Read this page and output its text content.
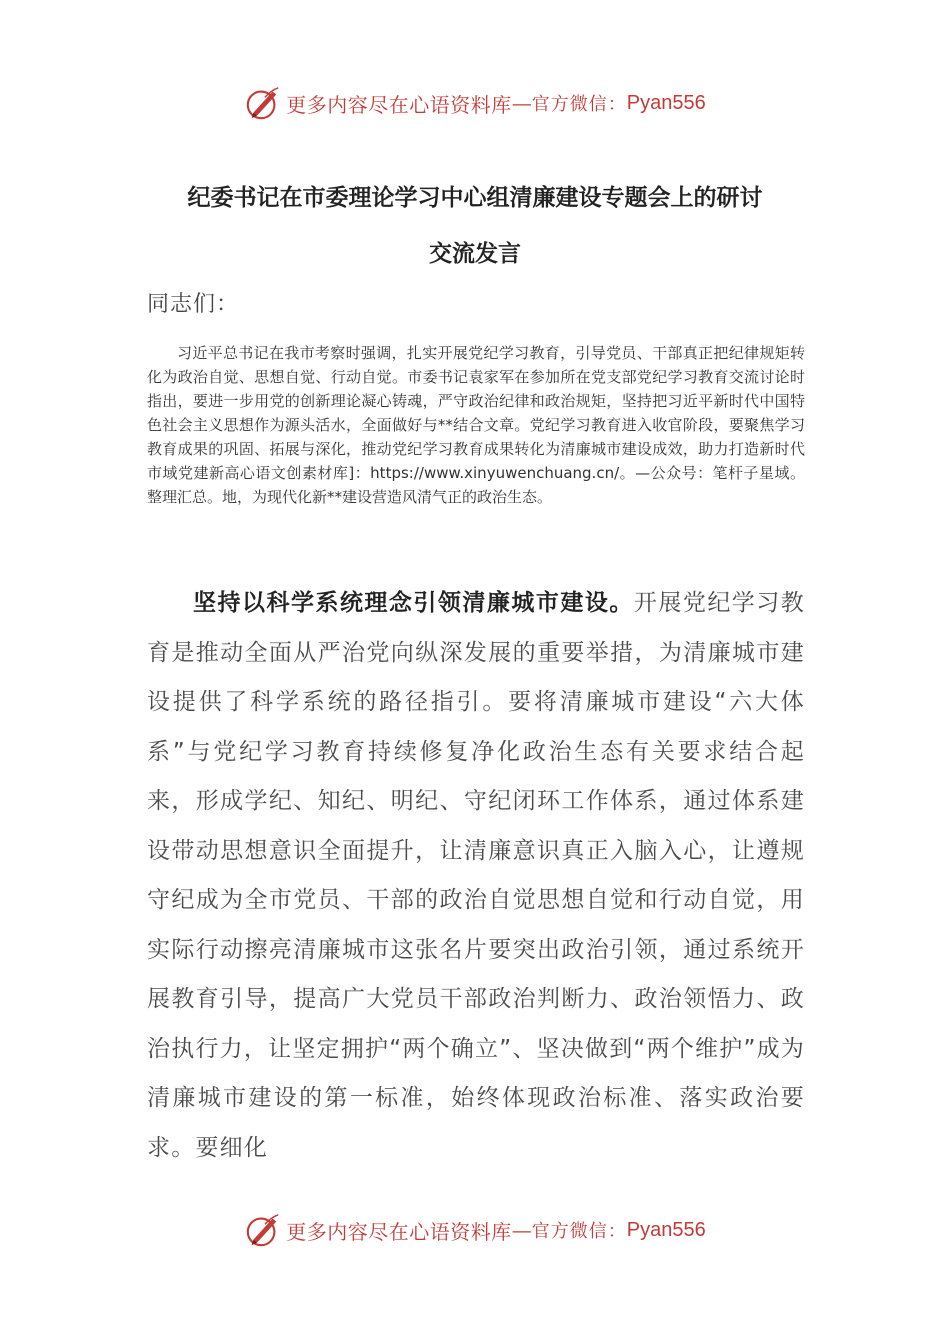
更多内容尽在心语资料库 — 官方微信： Pyan556
纪委书记在市委理论学习中心组清廉建设专题会上的研讨
交流发言
同志们：

习近平总书记在我市考察时强调，扎实开展党纪学习教育，引导党员、干部真正把纪律规矩转化为政治自觉、思想自觉、行动自觉。市委书记袁家军在参加所在党支部党纪学习教育交流讨论时指出，要进一步用党的创新理论凝心铸魂，严守政治纪律和政治规矩，坚持把习近平新时代中国特色社会主义思想作为源头活水，全面做好与**结合文章。党纪学习教育进入收官阶段，要聚焦学习教育成果的巩固、拓展与深化，推动党纪学习教育成果转化为清廉城市建设成效，助力打造新时代市域党建新高心语文创素材库]：https://www.xinyuwenchuang.cn/。—公众号：笔杆子星域。整理汇总。地，为现代化新**建设营造风清气正的政治生态。

坚持以科学系统理念引领清廉城市建设。开展党纪学习教育是推动全面从严治党向纵深发展的重要举措，为清廉城市建设提供了科学系统的路径指引。要将清廉城市建设“六大体系”与党纪学习教育持续修复净化政治生态有关要求结合起来，形成学纪、知纪、明纪、守纪闭环工作体系，通过体系建设带动思想意识全面提升，让清廉意识真正入脑入心，让遵规守纪成为全市党员、干部的政治自觉思想自觉和行动自觉，用实际行动擦亮清廉城市这张名片要突出政治引领，通过系统开展教育引导，提高广大党员干部政治判断力、政治领悟力、政治执行力，让坚定拥护“两个确立”、坚决做到“两个维护”成为清廉城市建设的第一标准，始终体现政治标准、落实政治要求。要细化

更多内容尽在心语资料库 — 官方微信： Pyan556
